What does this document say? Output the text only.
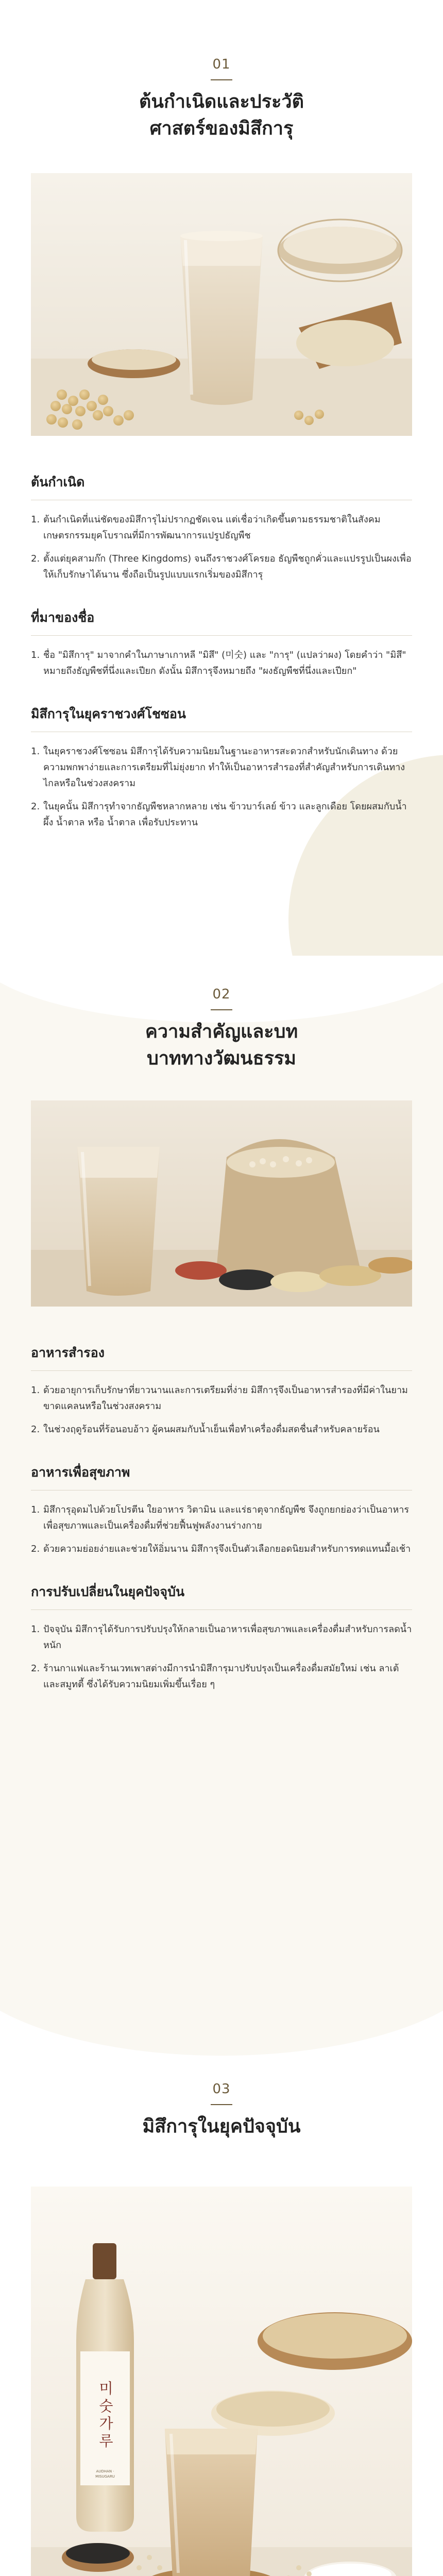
01
ต้นกำเนิดและประวัติ
ศาสตร์ของมิสึการุ
ต้นกำเนิด
1. ต้นกำเนิดที่แน่ชัดของมิสึการุไม่ปรากฏชัดเจน แต่เชื่อว่าเกิดขึ้นตามธรรมชาติในสังคมเกษตรกรรมยุคโบราณที่มีการพัฒนาการแปรูปธัญพืช
2. ตั้งแต่ยุคสามก๊ก (Three Kingdoms) จนถึงราชวงศ์โครยอ ธัญพืชถูกคั่วและแปรรูปเป็นผงเพื่อให้เก็บรักษาได้นาน ซึ่งถือเป็นรูปแบบแรกเริ่มของมิสึการุ
ที่มาของชื่อ
1. ชื่อ "มิสึการุ" มาจากคำในภาษาเกาหลี "มิสึ" (미숫) และ "การุ" (แปลว่าผง) โดยคำว่า "มิสึ" หมายถึงธัญพืชที่นึ่งและเปียก ดังนั้น มิสึการุจึงหมายถึง "ผงธัญพืชที่นึ่งและเปียก"
มิสึการุในยุคราชวงศ์โชซอน
1. ในยุคราชวงศ์โชซอน มิสึการุได้รับความนิยมในฐานะอาหารสะดวกสำหรับนักเดินทาง ด้วยความพกพาง่ายและการเตรียมที่ไม่ยุ่งยาก ทำให้เป็นอาหารสำรองที่สำคัญสำหรับการเดินทางไกลหรือในช่วงสงคราม
2. ในยุคนั้น มิสึการุทำจากธัญพืชหลากหลาย เช่น ข้าวบาร์เลย์ ข้าว และลูกเดือย โดยผสมกับน้ำผึ้ง น้ำตาล หรือ น้ำตาล เพื่อรับประทาน
02
ความสำคัญและบท
บาททางวัฒนธรรม
อาหารสำรอง
1. ด้วยอายุการเก็บรักษาที่ยาวนานและการเตรียมที่ง่าย มิสึการุจึงเป็นอาหารสำรองที่มีค่าในยามขาดแคลนหรือในช่วงสงคราม
2. ในช่วงฤดูร้อนที่ร้อนอบอ้าว ผู้คนผสมกับน้ำเย็นเพื่อทำเครื่องดื่มสดชื่นสำหรับคลายร้อน
อาหารเพื่อสุขภาพ
1. มิสึการุอุดมไปด้วยโปรตีน ใยอาหาร วิตามิน และแร่ธาตุจากธัญพืช จึงถูกยกย่องว่าเป็นอาหารเพื่อสุขภาพและเป็นเครื่องดื่มที่ช่วยฟื้นฟูพลังงานร่างกาย
2. ด้วยความย่อยง่ายและช่วยให้อิ่มนาน มิสึการุจึงเป็นตัวเลือกยอดนิยมสำหรับการทดแทนมื้อเช้า
การปรับเปลี่ยนในยุคปัจจุบัน
1. ปัจจุบัน มิสึการุได้รับการปรับปรุงให้กลายเป็นอาหารเพื่อสุขภาพและเครื่องดื่มสำหรับการลดน้ำหนัก
2. ร้านกาแฟและร้านเวทเพาสต่างมีการนำมิสึการุมาปรับปรุงเป็นเครื่องดื่มสมัยใหม่ เช่น ลาเต้และสมูทตี้ ซึ่งได้รับความนิยมเพิ่มขึ้นเรื่อย ๆ
03
มิสึการุในยุคปัจจุบัน
미숫가루
AUDHAN · MISUGARU
